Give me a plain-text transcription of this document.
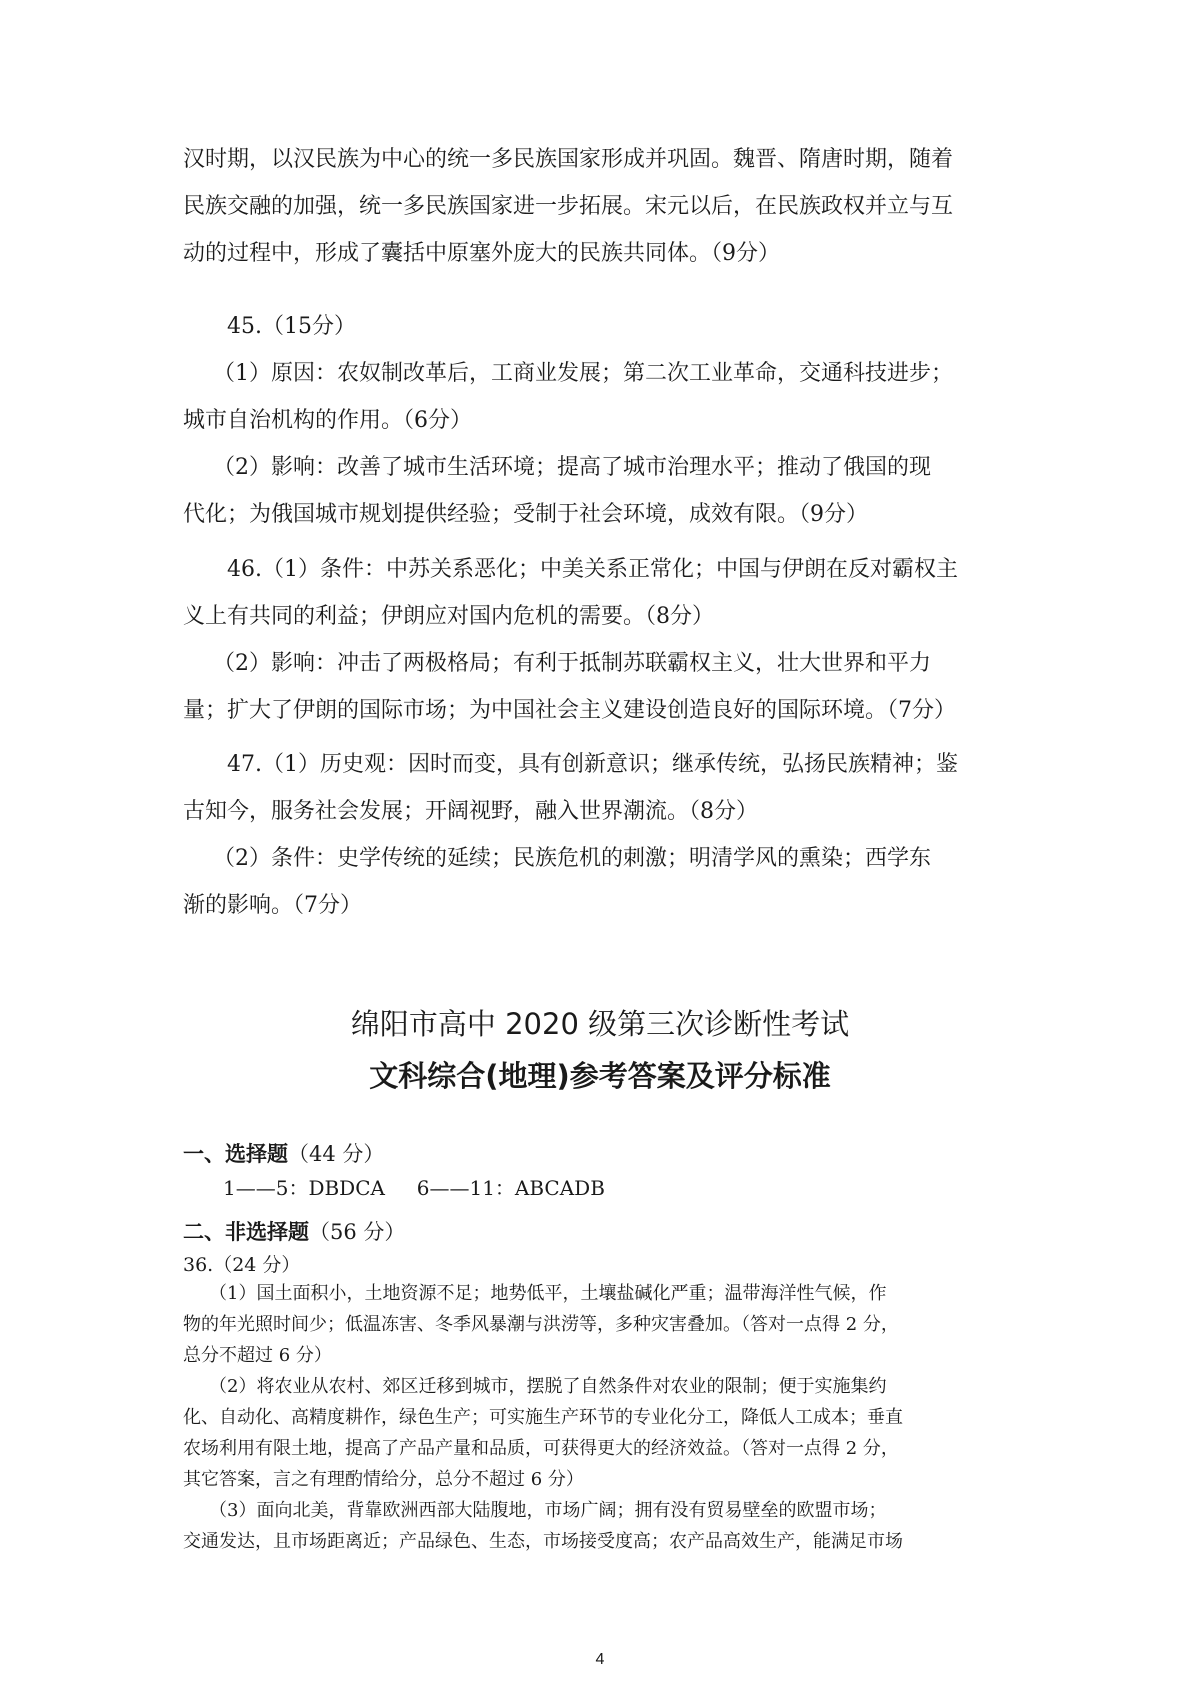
汉时期，以汉民族为中心的统一多民族国家形成并巩固。魏晋、隋唐时期，随着

民族交融的加强，统一多民族国家进一步拓展。宋元以后，在民族政权并立与互

动的过程中，形成了囊括中原塞外庞大的民族共同体。（9分）

45.（15分）

（1）原因：农奴制改革后，工商业发展；第二次工业革命，交通科技进步；

城市自治机构的作用。（6分）

（2）影响：改善了城市生活环境；提高了城市治理水平；推动了俄国的现

代化；为俄国城市规划提供经验；受制于社会环境，成效有限。（9分）

46.（1）条件：中苏关系恶化；中美关系正常化；中国与伊朗在反对霸权主

义上有共同的利益；伊朗应对国内危机的需要。（8分）

（2）影响：冲击了两极格局；有利于抵制苏联霸权主义，壮大世界和平力

量；扩大了伊朗的国际市场；为中国社会主义建设创造良好的国际环境。（7分）

47.（1）历史观：因时而变，具有创新意识；继承传统，弘扬民族精神；鉴

古知今，服务社会发展；开阔视野，融入世界潮流。（8分）

（2）条件：史学传统的延续；民族危机的刺激；明清学风的熏染；西学东

渐的影响。（7分）

绵阳市高中 2020 级第三次诊断性考试
文科综合(地理)参考答案及评分标准
一、选择题（44 分）
1——5：DBDCA     6——11：ABCADB
二、非选择题（56 分）
36.（24 分）

（1）国土面积小，土地资源不足；地势低平，土壤盐碱化严重；温带海洋性气候，作

物的年光照时间少；低温冻害、冬季风暴潮与洪涝等，多种灾害叠加。（答对一点得 2 分，

总分不超过 6 分）

（2）将农业从农村、郊区迁移到城市，摆脱了自然条件对农业的限制；便于实施集约

化、自动化、高精度耕作，绿色生产；可实施生产环节的专业化分工，降低人工成本；垂直

农场利用有限土地，提高了产品产量和品质，可获得更大的经济效益。（答对一点得 2 分，

其它答案，言之有理酌情给分，总分不超过 6 分）

（3）面向北美，背靠欧洲西部大陆腹地，市场广阔；拥有没有贸易壁垒的欧盟市场；

交通发达，且市场距离近；产品绿色、生态，市场接受度高；农产品高效生产，能满足市场

4
